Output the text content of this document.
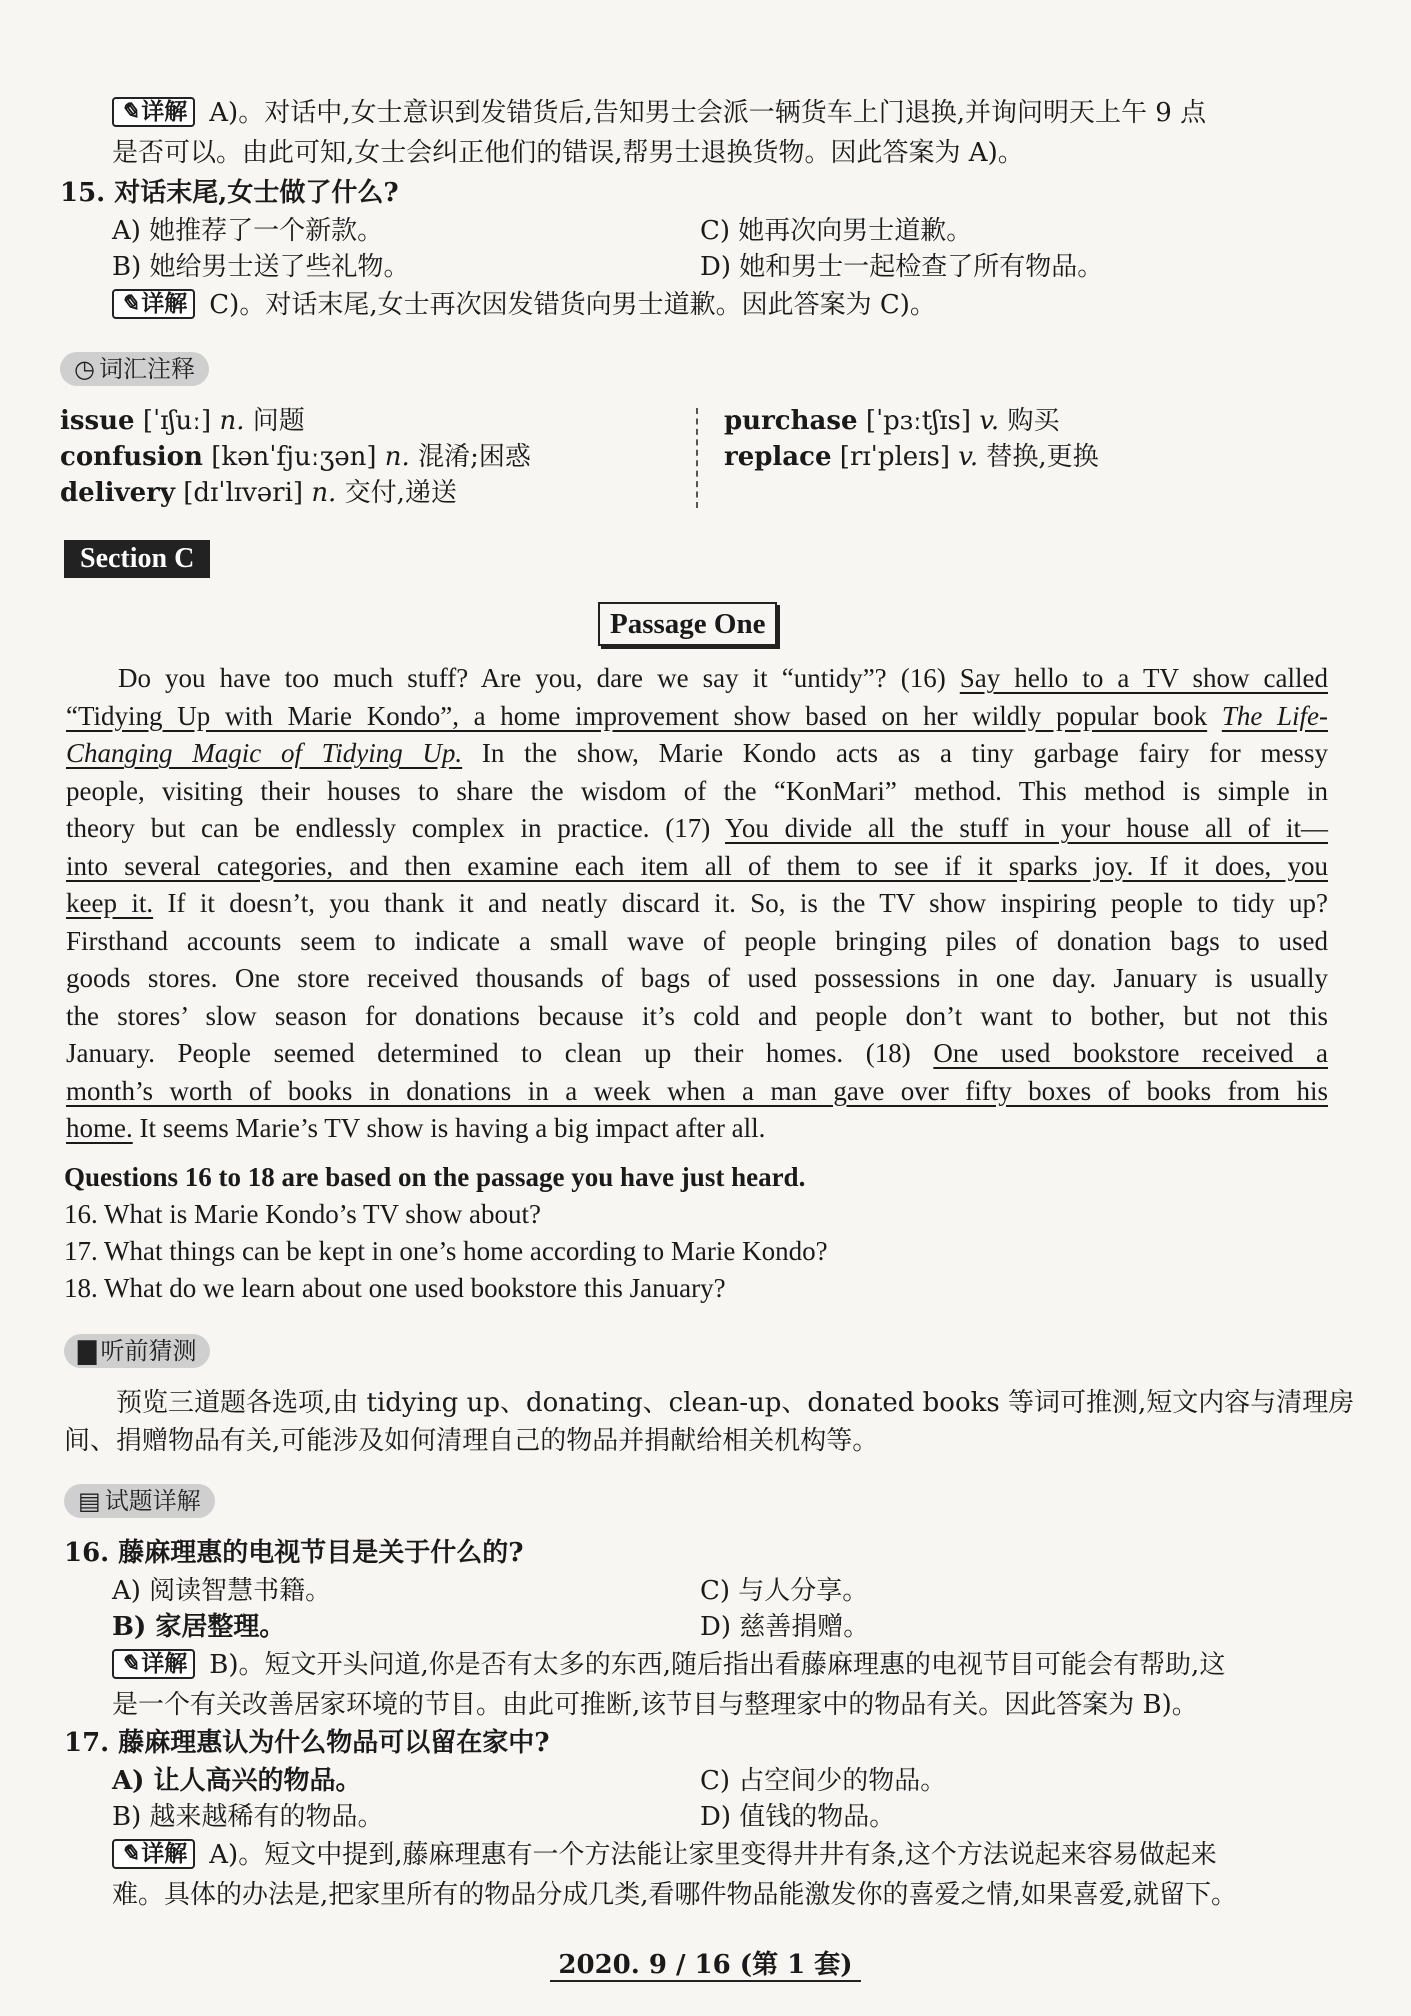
✎详解 A)。对话中,女士意识到发错货后,告知男士会派一辆货车上门退换,并询问明天上午 9 点
是否可以。由此可知,女士会纠正他们的错误,帮男士退换货物。因此答案为 A)。
15. 对话末尾,女士做了什么?
A) 她推荐了一个新款。	C) 她再次向男士道歉。
B) 她给男士送了些礼物。	D) 她和男士一起检查了所有物品。
✎详解 C)。对话末尾,女士再次因发错货向男士道歉。因此答案为 C)。
◷ 词汇注释
issue [ˈɪʃuː] n. 问题
confusion [kənˈfjuːʒən] n. 混淆;困惑
delivery [dɪˈlɪvəri] n. 交付,递送
purchase [ˈpɜːtʃɪs] v. 购买
replace [rɪˈpleɪs] v. 替换,更换
Section C
Passage One
Do you have too much stuff? Are you, dare we say it “untidy”? (16) Say hello to a TV show called
“Tidying Up with Marie Kondo”, a home improvement show based on her wildly popular book The Life-
Changing Magic of Tidying Up. In the show, Marie Kondo acts as a tiny garbage fairy for messy
people, visiting their houses to share the wisdom of the “KonMari” method. This method is simple in
theory but can be endlessly complex in practice. (17) You divide all the stuff in your house all of it—
into several categories, and then examine each item all of them to see if it sparks joy. If it does, you
keep it. If it doesn’t, you thank it and neatly discard it. So, is the TV show inspiring people to tidy up?
Firsthand accounts seem to indicate a small wave of people bringing piles of donation bags to used
goods stores. One store received thousands of bags of used possessions in one day. January is usually
the stores’ slow season for donations because it’s cold and people don’t want to bother, but not this
January. People seemed determined to clean up their homes. (18) One used bookstore received a
month’s worth of books in donations in a week when a man gave over fifty boxes of books from his
home. It seems Marie’s TV show is having a big impact after all.
Questions 16 to 18 are based on the passage you have just heard.
16. What is Marie Kondo’s TV show about?
17. What things can be kept in one’s home according to Marie Kondo?
18. What do we learn about one used bookstore this January?
▇ 听前猜测
预览三道题各选项,由 tidying up、donating、clean-up、donated books 等词可推测,短文内容与清理房
间、捐赠物品有关,可能涉及如何清理自己的物品并捐献给相关机构等。
▤ 试题详解
16. 藤麻理惠的电视节目是关于什么的?
A) 阅读智慧书籍。	C) 与人分享。
B) 家居整理。	D) 慈善捐赠。
✎详解 B)。短文开头问道,你是否有太多的东西,随后指出看藤麻理惠的电视节目可能会有帮助,这
是一个有关改善居家环境的节目。由此可推断,该节目与整理家中的物品有关。因此答案为 B)。
17. 藤麻理惠认为什么物品可以留在家中?
A) 让人高兴的物品。	C) 占空间少的物品。
B) 越来越稀有的物品。	D) 值钱的物品。
✎详解 A)。短文中提到,藤麻理惠有一个方法能让家里变得井井有条,这个方法说起来容易做起来
难。具体的办法是,把家里所有的物品分成几类,看哪件物品能激发你的喜爱之情,如果喜爱,就留下。
2020. 9 / 16 (第 1 套)
